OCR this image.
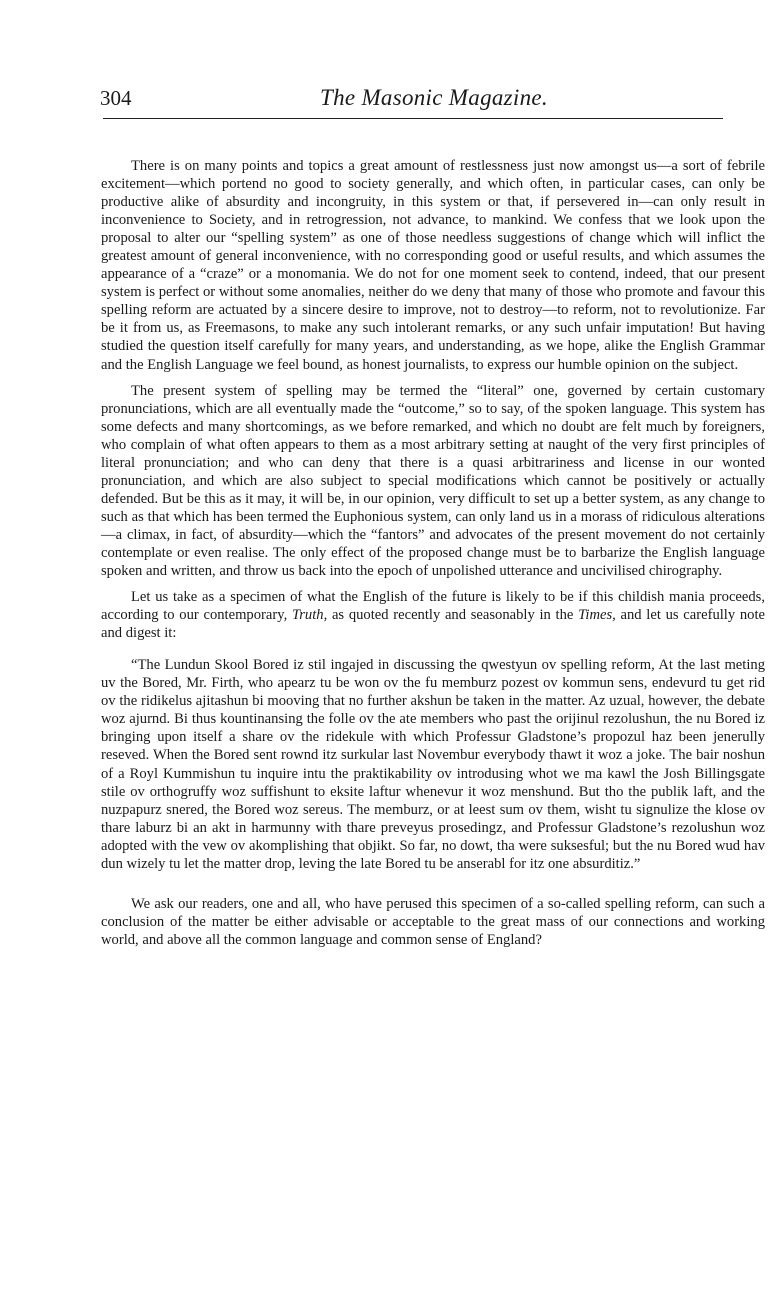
304	The Masonic Magazine.

There is on many points and topics a great amount of restlessness just now amongst us—a sort of febrile excitement—which portend no good to society generally, and which often, in particular cases, can only be productive alike of absurdity and incongruity, in this system or that, if persevered in—can only result in inconvenience to Society, and in retrogression, not advance, to mankind. We confess that we look upon the proposal to alter our “spelling system” as one of those needless suggestions of change which will inflict the greatest amount of general inconvenience, with no corresponding good or useful results, and which assumes the appearance of a “craze” or a monomania. We do not for one moment seek to contend, indeed, that our present system is perfect or without some anomalies, neither do we deny that many of those who promote and favour this spelling reform are actuated by a sincere desire to improve, not to destroy—to reform, not to revolutionize. Far be it from us, as Freemasons, to make any such intolerant remarks, or any such unfair imputation! But having studied the question itself carefully for many years, and understanding, as we hope, alike the English Grammar and the English Language we feel bound, as honest journalists, to express our humble opinion on the subject.

The present system of spelling may be termed the “literal” one, governed by certain customary pronunciations, which are all eventually made the “outcome,” so to say, of the spoken language. This system has some defects and many shortcomings, as we before remarked, and which no doubt are felt much by foreigners, who complain of what often appears to them as a most arbitrary setting at naught of the very first principles of literal pronunciation; and who can deny that there is a quasi arbitrariness and license in our wonted pronunciation, and which are also subject to special modifications which cannot be positively or actually defended. But be this as it may, it will be, in our opinion, very difficult to set up a better system, as any change to such as that which has been termed the Euphonious system, can only land us in a morass of ridiculous alterations—a climax, in fact, of absurdity—which the “fantors” and advocates of the present movement do not certainly contemplate or even realise. The only effect of the proposed change must be to barbarize the English language spoken and written, and throw us back into the epoch of unpolished utterance and uncivilised chirography.

Let us take as a specimen of what the English of the future is likely to be if this childish mania proceeds, according to our contemporary, Truth, as quoted recently and seasonably in the Times, and let us carefully note and digest it:

“The Lundun Skool Bored iz stil ingajed in discussing the qwestyun ov spelling reform, At the last meting uv the Bored, Mr. Firth, who apearz tu be won ov the fu memburz pozest ov kommun sens, endevurd tu get rid ov the ridikelus ajitashun bi mooving that no further akshun be taken in the matter. Az uzual, however, the debate woz ajurnd. Bi thus kountinansing the folle ov the ate members who past the orijinul rezolushun, the nu Bored iz bringing upon itself a share ov the ridekule with which Professur Gladstone’s propozul haz been jenerully reseved. When the Bored sent rownd itz surkular last Novembur everybody thawt it woz a joke. The bair noshun of a Royl Kummishun tu inquire intu the praktikability ov introdusing whot we ma kawl the Josh Billingsgate stile ov orthogruffy woz suffishunt to eksite laftur whenevur it woz menshund. But tho the publik laft, and the nuzpapurz snered, the Bored woz sereus. The memburz, or at leest sum ov them, wisht tu signulize the klose ov thare laburz bi an akt in harmunny with thare preveyus prosedingz, and Professur Gladstone’s rezolushun woz adopted with the vew ov akomplishing that objikt. So far, no dowt, tha were suksesful; but the nu Bored wud hav dun wizely tu let the matter drop, leving the late Bored tu be anserabl for itz one absurditiz.”

We ask our readers, one and all, who have perused this specimen of a so-called spelling reform, can such a conclusion of the matter be either advisable or acceptable to the great mass of our connections and working world, and above all the common language and common sense of England?
